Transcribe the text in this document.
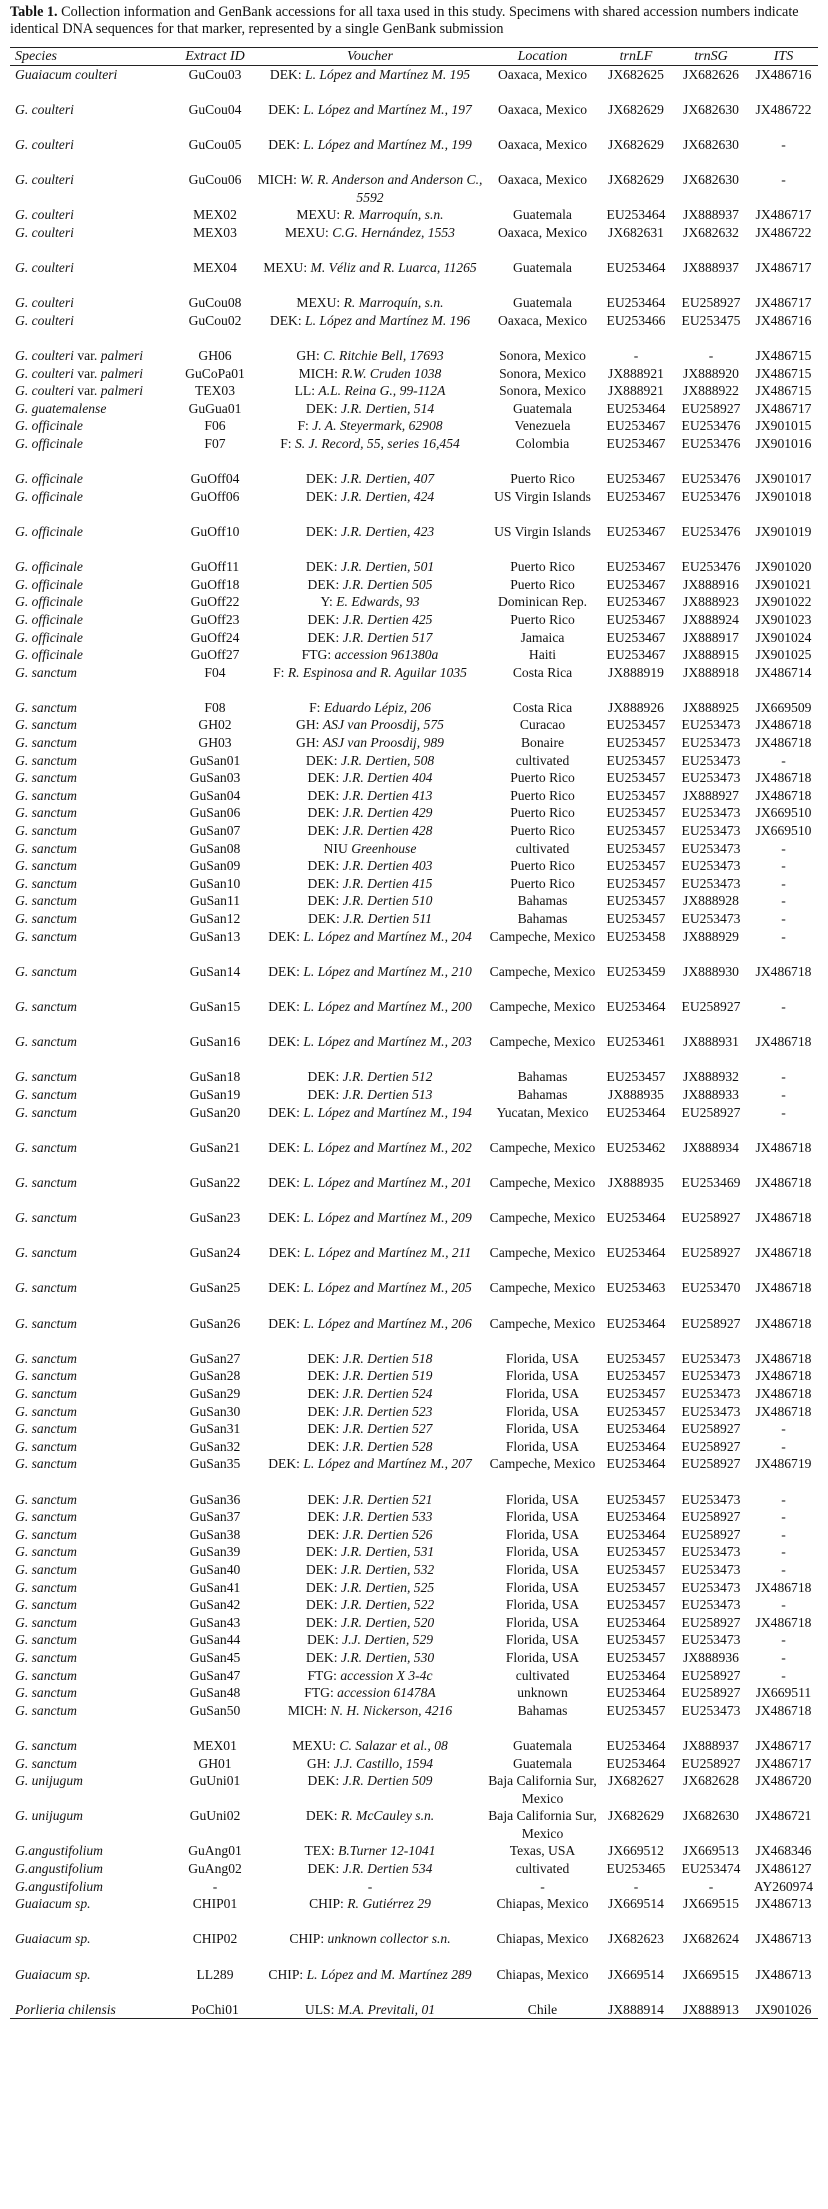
Table 1. Collection information and GenBank accessions for all taxa used in this study. Specimens with shared accession numbers indicate identical DNA sequences for that marker, represented by a single GenBank submission

Species	Extract ID	Voucher	Location	trnLF	trnSG	ITS
Guaiacum coulteri	GuCou03	DEK: L. López and Martínez M. 195	Oaxaca, Mexico	JX682625	JX682626	JX486716
G. coulteri	GuCou04	DEK: L. López and Martínez M., 197	Oaxaca, Mexico	JX682629	JX682630	JX486722
G. coulteri	GuCou05	DEK: L. López and Martínez M., 199	Oaxaca, Mexico	JX682629	JX682630	-
G. coulteri	GuCou06	MICH: W. R. Anderson and Anderson C., 5592	Oaxaca, Mexico	JX682629	JX682630	-
G. coulteri	MEX02	MEXU: R. Marroquín, s.n.	Guatemala	EU253464	JX888937	JX486717
G. coulteri	MEX03	MEXU: C.G. Hernández, 1553	Oaxaca, Mexico	JX682631	JX682632	JX486722
G. coulteri	MEX04	MEXU: M. Véliz and R. Luarca, 11265	Guatemala	EU253464	JX888937	JX486717
G. coulteri	GuCou08	MEXU: R. Marroquín, s.n.	Guatemala	EU253464	EU258927	JX486717
G. coulteri	GuCou02	DEK: L. López and Martínez M. 196	Oaxaca, Mexico	EU253466	EU253475	JX486716
G. coulteri var. palmeri	GH06	GH: C. Ritchie Bell, 17693	Sonora, Mexico	-	-	JX486715
G. coulteri var. palmeri	GuCoPa01	MICH: R.W. Cruden 1038	Sonora, Mexico	JX888921	JX888920	JX486715
G. coulteri var. palmeri	TEX03	LL: A.L. Reina G., 99-112A	Sonora, Mexico	JX888921	JX888922	JX486715
G. guatemalense	GuGua01	DEK: J.R. Dertien, 514	Guatemala	EU253464	EU258927	JX486717
G. officinale	F06	F: J. A. Steyermark, 62908	Venezuela	EU253467	EU253476	JX901015
G. officinale	F07	F: S. J. Record, 55, series 16,454	Colombia	EU253467	EU253476	JX901016
G. officinale	GuOff04	DEK: J.R. Dertien, 407	Puerto Rico	EU253467	EU253476	JX901017
G. officinale	GuOff06	DEK: J.R. Dertien, 424	US Virgin Islands	EU253467	EU253476	JX901018
G. officinale	GuOff10	DEK: J.R. Dertien, 423	US Virgin Islands	EU253467	EU253476	JX901019
G. officinale	GuOff11	DEK: J.R. Dertien, 501	Puerto Rico	EU253467	EU253476	JX901020
G. officinale	GuOff18	DEK: J.R. Dertien 505	Puerto Rico	EU253467	JX888916	JX901021
G. officinale	GuOff22	Y: E. Edwards, 93	Dominican Rep.	EU253467	JX888923	JX901022
G. officinale	GuOff23	DEK: J.R. Dertien 425	Puerto Rico	EU253467	JX888924	JX901023
G. officinale	GuOff24	DEK: J.R. Dertien 517	Jamaica	EU253467	JX888917	JX901024
G. officinale	GuOff27	FTG: accession 961380a	Haiti	EU253467	JX888915	JX901025
G. sanctum	F04	F: R. Espinosa and R. Aguilar 1035	Costa Rica	JX888919	JX888918	JX486714
G. sanctum	F08	F: Eduardo Lépiz, 206	Costa Rica	JX888926	JX888925	JX669509
G. sanctum	GH02	GH: ASJ van Proosdij, 575	Curacao	EU253457	EU253473	JX486718
G. sanctum	GH03	GH: ASJ van Proosdij, 989	Bonaire	EU253457	EU253473	JX486718
G. sanctum	GuSan01	DEK: J.R. Dertien, 508	cultivated	EU253457	EU253473	-
G. sanctum	GuSan03	DEK: J.R. Dertien 404	Puerto Rico	EU253457	EU253473	JX486718
G. sanctum	GuSan04	DEK: J.R. Dertien 413	Puerto Rico	EU253457	JX888927	JX486718
G. sanctum	GuSan06	DEK: J.R. Dertien 429	Puerto Rico	EU253457	EU253473	JX669510
G. sanctum	GuSan07	DEK: J.R. Dertien 428	Puerto Rico	EU253457	EU253473	JX669510
G. sanctum	GuSan08	NIU Greenhouse	cultivated	EU253457	EU253473	-
G. sanctum	GuSan09	DEK: J.R. Dertien 403	Puerto Rico	EU253457	EU253473	-
G. sanctum	GuSan10	DEK: J.R. Dertien 415	Puerto Rico	EU253457	EU253473	-
G. sanctum	GuSan11	DEK: J.R. Dertien 510	Bahamas	EU253457	JX888928	-
G. sanctum	GuSan12	DEK: J.R. Dertien 511	Bahamas	EU253457	EU253473	-
G. sanctum	GuSan13	DEK: L. López and Martínez M., 204	Campeche, Mexico	EU253458	JX888929	-
G. sanctum	GuSan14	DEK: L. López and Martínez M., 210	Campeche, Mexico	EU253459	JX888930	JX486718
G. sanctum	GuSan15	DEK: L. López and Martínez M., 200	Campeche, Mexico	EU253464	EU258927	-
G. sanctum	GuSan16	DEK: L. López and Martínez M., 203	Campeche, Mexico	EU253461	JX888931	JX486718
G. sanctum	GuSan18	DEK: J.R. Dertien 512	Bahamas	EU253457	JX888932	-
G. sanctum	GuSan19	DEK: J.R. Dertien 513	Bahamas	JX888935	JX888933	-
G. sanctum	GuSan20	DEK: L. López and Martínez M., 194	Yucatan, Mexico	EU253464	EU258927	-
G. sanctum	GuSan21	DEK: L. López and Martínez M., 202	Campeche, Mexico	EU253462	JX888934	JX486718
G. sanctum	GuSan22	DEK: L. López and Martínez M., 201	Campeche, Mexico	JX888935	EU253469	JX486718
G. sanctum	GuSan23	DEK: L. López and Martínez M., 209	Campeche, Mexico	EU253464	EU258927	JX486718
G. sanctum	GuSan24	DEK: L. López and Martínez M., 211	Campeche, Mexico	EU253464	EU258927	JX486718
G. sanctum	GuSan25	DEK: L. López and Martínez M., 205	Campeche, Mexico	EU253463	EU253470	JX486718
G. sanctum	GuSan26	DEK: L. López and Martínez M., 206	Campeche, Mexico	EU253464	EU258927	JX486718
G. sanctum	GuSan27	DEK: J.R. Dertien 518	Florida, USA	EU253457	EU253473	JX486718
G. sanctum	GuSan28	DEK: J.R. Dertien 519	Florida, USA	EU253457	EU253473	JX486718
G. sanctum	GuSan29	DEK: J.R. Dertien 524	Florida, USA	EU253457	EU253473	JX486718
G. sanctum	GuSan30	DEK: J.R. Dertien 523	Florida, USA	EU253457	EU253473	JX486718
G. sanctum	GuSan31	DEK: J.R. Dertien 527	Florida, USA	EU253464	EU258927	-
G. sanctum	GuSan32	DEK: J.R. Dertien 528	Florida, USA	EU253464	EU258927	-
G. sanctum	GuSan35	DEK: L. López and Martínez M., 207	Campeche, Mexico	EU253464	EU258927	JX486719
G. sanctum	GuSan36	DEK: J.R. Dertien 521	Florida, USA	EU253457	EU253473	-
G. sanctum	GuSan37	DEK: J.R. Dertien 533	Florida, USA	EU253464	EU258927	-
G. sanctum	GuSan38	DEK: J.R. Dertien 526	Florida, USA	EU253464	EU258927	-
G. sanctum	GuSan39	DEK: J.R. Dertien, 531	Florida, USA	EU253457	EU253473	-
G. sanctum	GuSan40	DEK: J.R. Dertien, 532	Florida, USA	EU253457	EU253473	-
G. sanctum	GuSan41	DEK: J.R. Dertien, 525	Florida, USA	EU253457	EU253473	JX486718
G. sanctum	GuSan42	DEK: J.R. Dertien, 522	Florida, USA	EU253457	EU253473	-
G. sanctum	GuSan43	DEK: J.R. Dertien, 520	Florida, USA	EU253464	EU258927	JX486718
G. sanctum	GuSan44	DEK: J.J. Dertien, 529	Florida, USA	EU253457	EU253473	-
G. sanctum	GuSan45	DEK: J.R. Dertien, 530	Florida, USA	EU253457	JX888936	-
G. sanctum	GuSan47	FTG: accession X 3-4c	cultivated	EU253464	EU258927	-
G. sanctum	GuSan48	FTG: accession 61478A	unknown	EU253464	EU258927	JX669511
G. sanctum	GuSan50	MICH: N. H. Nickerson, 4216	Bahamas	EU253457	EU253473	JX486718
G. sanctum	MEX01	MEXU: C. Salazar et al., 08	Guatemala	EU253464	JX888937	JX486717
G. sanctum	GH01	GH: J.J. Castillo, 1594	Guatemala	EU253464	EU258927	JX486717
G. unijugum	GuUni01	DEK: J.R. Dertien 509	Baja California Sur, Mexico	JX682627	JX682628	JX486720
G. unijugum	GuUni02	DEK: R. McCauley s.n.	Baja California Sur, Mexico	JX682629	JX682630	JX486721
G.angustifolium	GuAng01	TEX: B.Turner 12-1041	Texas, USA	JX669512	JX669513	JX468346
G.angustifolium	GuAng02	DEK: J.R. Dertien 534	cultivated	EU253465	EU253474	JX486127
G.angustifolium	-	-	-	-	-	AY260974
Guaiacum sp.	CHIP01	CHIP: R. Gutiérrez 29	Chiapas, Mexico	JX669514	JX669515	JX486713
Guaiacum sp.	CHIP02	CHIP: unknown collector s.n.	Chiapas, Mexico	JX682623	JX682624	JX486713
Guaiacum sp.	LL289	CHIP: L. López and M. Martínez 289	Chiapas, Mexico	JX669514	JX669515	JX486713
Porlieria chilensis	PoChi01	ULS: M.A. Previtali, 01	Chile	JX888914	JX888913	JX901026
